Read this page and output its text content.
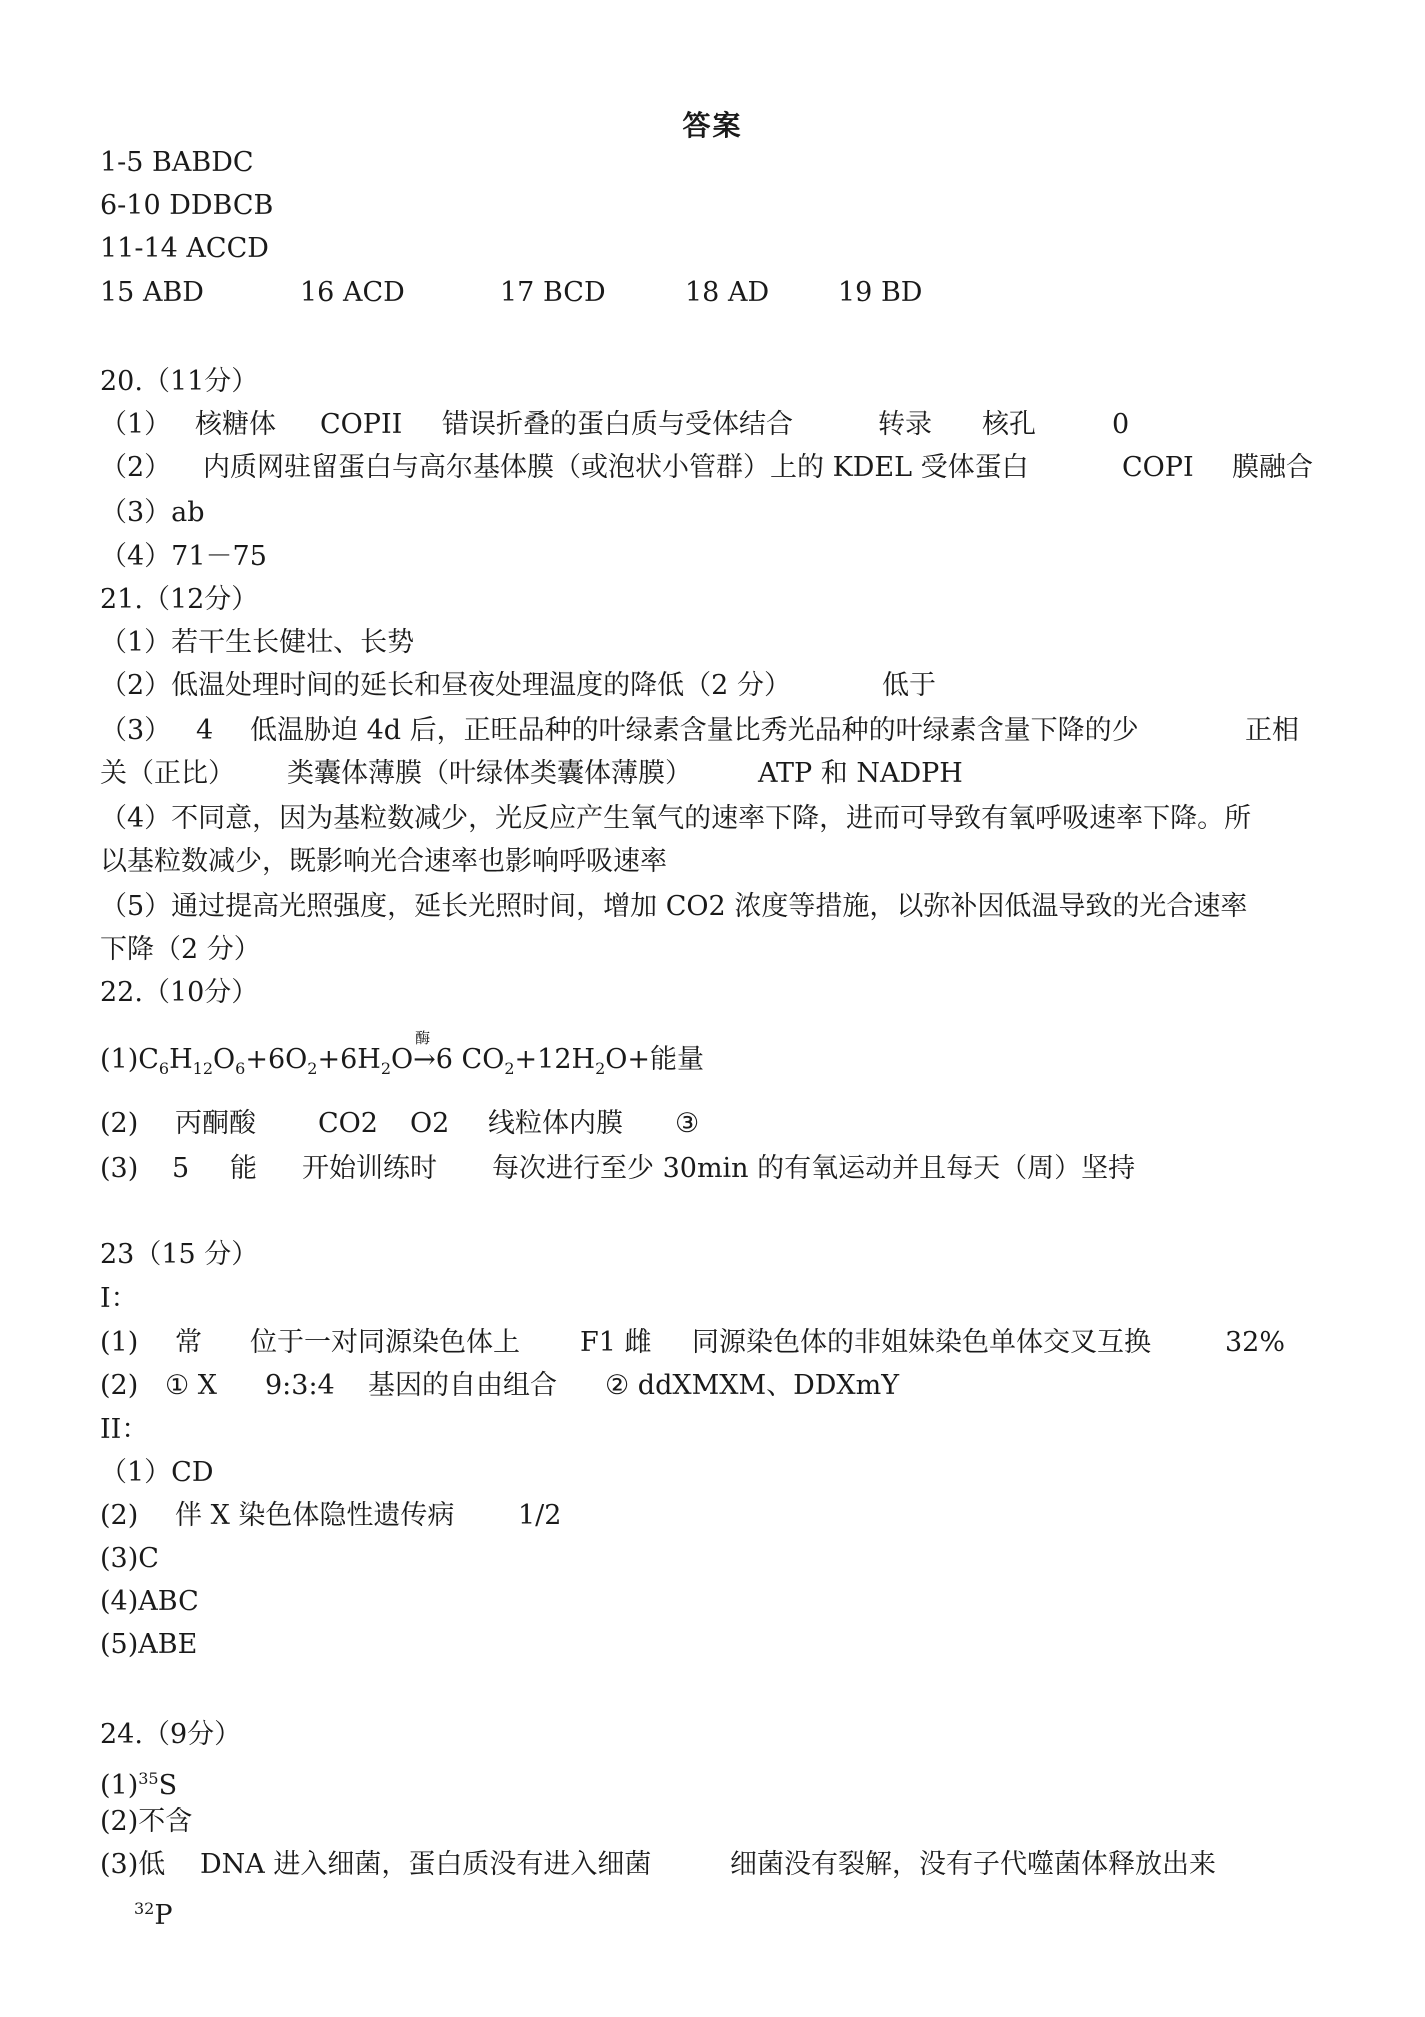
答案
1-5 BABDC
6-10 DDBCB
11-14 ACCD
15 ABD	16 ACD	17 BCD	18 AD	19 BD
20.（11分）
（1） 核糖体 COPII 错误折叠的蛋白质与受体结合	转录 核孔	0
（2） 内质网驻留蛋白与高尔基体膜（或泡状小管群）上的 KDEL 受体蛋白	COPI 膜融合
（3）ab
（4）71－75
21.（12分）
（1）若干生长健壮、长势
（2）低温处理时间的延长和昼夜处理温度的降低（2 分）	低于
（3） 4 低温胁迫 4d 后，正旺品种的叶绿素含量比秀光品种的叶绿素含量下降的少	正相
关（正比） 类囊体薄膜（叶绿体类囊体薄膜） ATP 和 NADPH
（4）不同意，因为基粒数减少，光反应产生氧气的速率下降，进而可导致有氧呼吸速率下降。所
以基粒数减少，既影响光合速率也影响呼吸速率
（5）通过提高光照强度，延长光照时间，增加 CO2 浓度等措施，以弥补因低温导致的光合速率
下降（2 分）
22.（10分）
$(1)C_6H_{12}O_6+6O_2+6H_2O$
酶
→6 $CO_2+12H_2O+$能量
(2) 丙酮酸 CO2 O2 线粒体内膜 ③
(3) 5 能 开始训练时 每次进行至少 30min 的有氧运动并且每天（周）坚持
23（15 分）
I：
(1) 常 位于一对同源染色体上 F1 雌 同源染色体的非姐妹染色单体交叉互换	32%
(2) ① X 9:3:4 基因的自由组合 ② ddXMXM、DDXmY
II：
（1）CD
(2) 伴 X 染色体隐性遗传病 1/2
(3)C
(4)ABC
(5)ABE
24.（9分）
$(1)^{35}S$
(2)不含
(3)低 DNA 进入细菌，蛋白质没有进入细菌	细菌没有裂解，没有子代噬菌体释放出来
$^{32}$P
